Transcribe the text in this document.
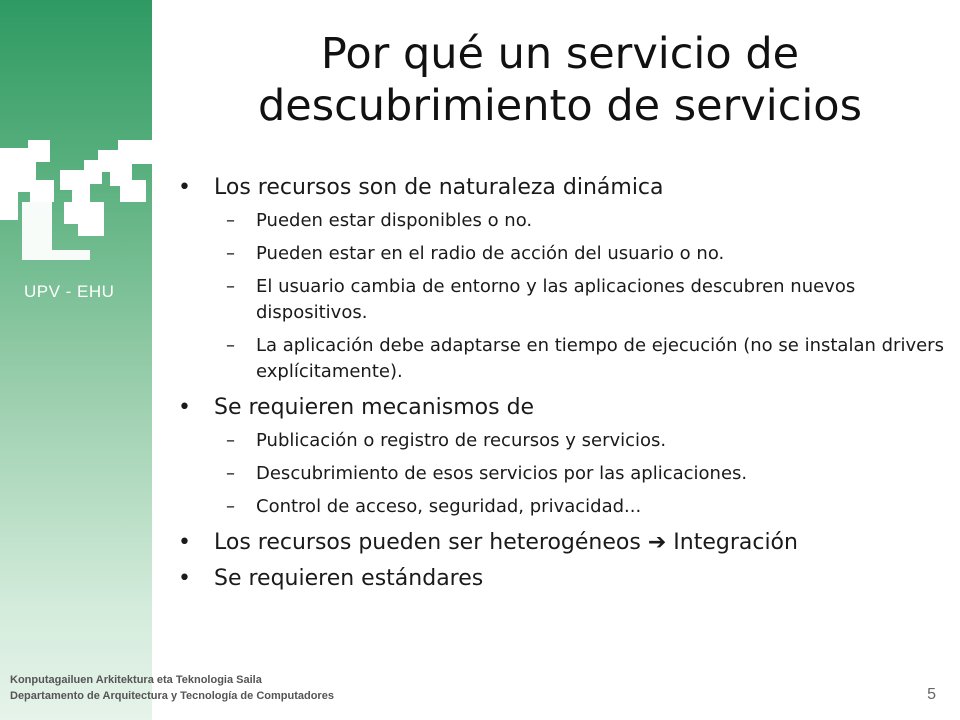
UPV - EHU
Por qué un servicio de
descubrimiento de servicios
• Los recursos son de naturaleza dinámica
– Pueden estar disponibles o no.
– Pueden estar en el radio de acción del usuario o no.
– El usuario cambia de entorno y las aplicaciones descubren nuevos dispositivos.
– La aplicación debe adaptarse en tiempo de ejecución (no se instalan drivers explícitamente).
• Se requieren mecanismos de
– Publicación o registro de recursos y servicios.
– Descubrimiento de esos servicios por las aplicaciones.
– Control de acceso, seguridad, privacidad...
• Los recursos pueden ser heterogéneos ➔ Integración
• Se requieren estándares
Konputagailuen Arkitektura eta Teknologia Saila
Departamento de Arquitectura y Tecnología de Computadores	5
